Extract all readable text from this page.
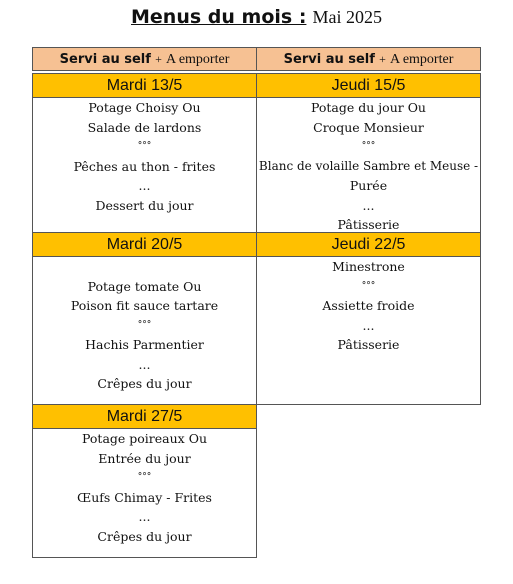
Menus du mois : Mai 2025
Servi au self + A emporter	Servi au self + A emporter
Mardi 13/5
Potage Choisy Ou
Salade de lardons
°°°
Pêches au thon - frites
...
Dessert du jour
Jeudi 15/5
Potage du jour Ou
Croque Monsieur
°°°
Blanc de volaille Sambre et Meuse -
Purée
...
Pâtisserie
Mardi 20/5
Potage tomate Ou
Poison fit sauce tartare
°°°
Hachis Parmentier
...
Crêpes du jour
Jeudi 22/5
Minestrone
°°°
Assiette froide
...
Pâtisserie
Mardi 27/5
Potage poireaux Ou
Entrée du jour
°°°
Œufs Chimay - Frites
...
Crêpes du jour
